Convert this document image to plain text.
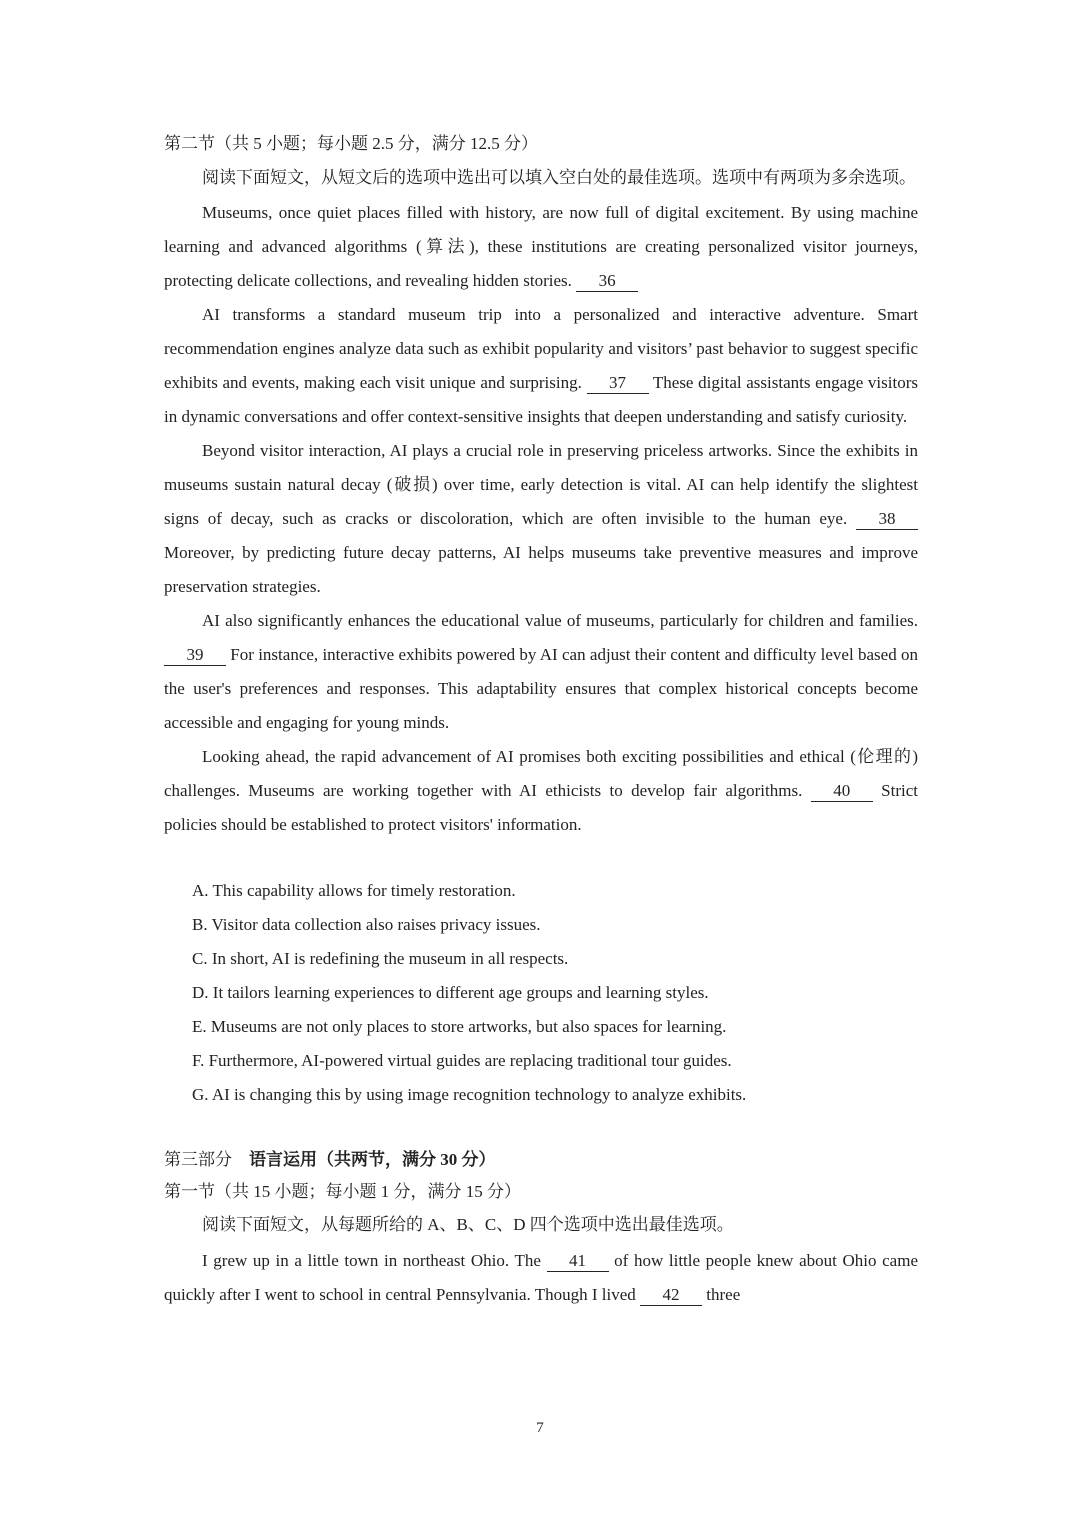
第二节（共 5 小题；每小题 2.5 分，满分 12.5 分）

阅读下面短文，从短文后的选项中选出可以填入空白处的最佳选项。选项中有两项为多余选项。

Museums, once quiet places filled with history, are now full of digital excitement. By using machine learning and advanced algorithms (算法), these institutions are creating personalized visitor journeys, protecting delicate collections, and revealing hidden stories. 36

AI transforms a standard museum trip into a personalized and interactive adventure. Smart recommendation engines analyze data such as exhibit popularity and visitors’ past behavior to suggest specific exhibits and events, making each visit unique and surprising. 37 These digital assistants engage visitors in dynamic conversations and offer context-sensitive insights that deepen understanding and satisfy curiosity.

Beyond visitor interaction, AI plays a crucial role in preserving priceless artworks. Since the exhibits in museums sustain natural decay (破损) over time, early detection is vital. AI can help identify the slightest signs of decay, such as cracks or discoloration, which are often invisible to the human eye. 38 Moreover, by predicting future decay patterns, AI helps museums take preventive measures and improve preservation strategies.

AI also significantly enhances the educational value of museums, particularly for children and families. 39 For instance, interactive exhibits powered by AI can adjust their content and difficulty level based on the user's preferences and responses. This adaptability ensures that complex historical concepts become accessible and engaging for young minds.

Looking ahead, the rapid advancement of AI promises both exciting possibilities and ethical (伦理的) challenges. Museums are working together with AI ethicists to develop fair algorithms. 40 Strict policies should be established to protect visitors' information.

A. This capability allows for timely restoration.

B. Visitor data collection also raises privacy issues.

C. In short, AI is redefining the museum in all respects.

D. It tailors learning experiences to different age groups and learning styles.

E. Museums are not only places to store artworks, but also spaces for learning.

F. Furthermore, AI-powered virtual guides are replacing traditional tour guides.

G. AI is changing this by using image recognition technology to analyze exhibits.

第三部分 语言运用（共两节，满分 30 分）

第一节（共 15 小题；每小题 1 分，满分 15 分）

阅读下面短文，从每题所给的 A、B、C、D 四个选项中选出最佳选项。

I grew up in a little town in northeast Ohio. The 41 of how little people knew about Ohio came quickly after I went to school in central Pennsylvania. Though I lived 42 three

7
